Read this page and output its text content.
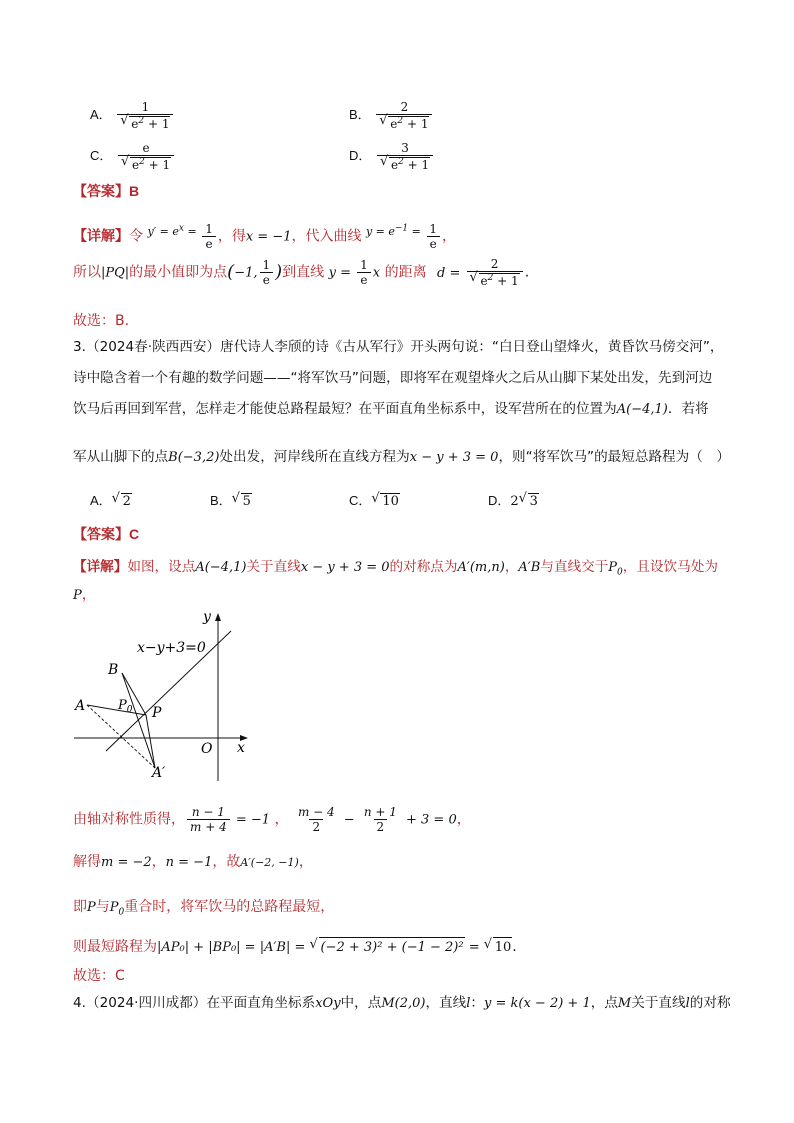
A． 1
√ $e^2 + 1$	B． 2
√ $e^2 + 1$
C． e
√ $e^2 + 1$	D． 3
√ $e^2 + 1$
【答案】B
【详解】令 $^{y' = e^x =} \frac{1}{e}$ ，得x = −1，代入曲线 $^{y = e^{-1} =} \frac{1}{e}$ ，
所以|PQ|的最小值即为点(−1, $\frac{1}{e}$ )到直线 $y = \frac{1}{e}$ x 的距离 d = 2
√ $e^2 + 1$ .
故选：B.
3.（2024春·陕西西安）唐代诗人李颀的诗《古从军行》开头两句说：“白日登山望烽火，黄昏饮马傍交河”，
诗中隐含着一个有趣的数学问题——“将军饮马”问题，即将军在观望烽火之后从山脚下某处出发，先到河边
饮马后再回到军营，怎样走才能使总路程最短？在平面直角坐标系中，设军营所在的位置为A(−4,1)．若将
军从山脚下的点B(−3,2)处出发，河岸线所在直线方程为x − y + 3 = 0，则“将军饮马”的最短总路程为（　）
A． √ 2	B． √ 5	C． √ 10	D．2 √ 3
【答案】C
【详解】如图，设点A(−4,1)关于直线x − y + 3 = 0的对称点为A′(m,n)，A′B与直线交于$P_0$，且设饮马处为
P，
x−y+3=0
y
x
O
A
B
$P_0$ P
A′
由轴对称性质得， $\frac{n - 1}{m + 4} = -1$ ， $\frac{m - 4}{2} - \frac{n + 1}{2} + 3 = 0$，
解得m = −2，n = −1，故A′(−2, −1)，
即P与$P_0$重合时，将军饮马的总路程最短，
则最短路程为|AP₀| + |BP₀| = |A′B| = √ (−2 + 3)² + (−1 − 2)² = √ 10.
故选：C
4.（2024·四川成都）在平面直角坐标系xOy中，点M(2,0)，直线l：y = k(x − 2) + 1，点M关于直线l的对称
